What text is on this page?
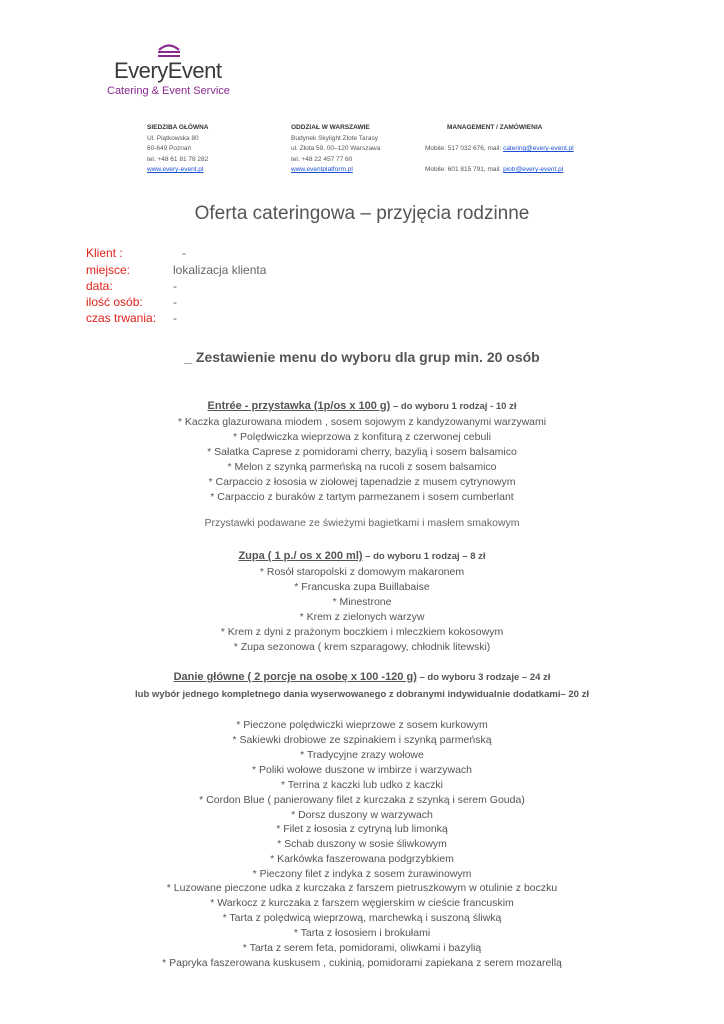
EveryEvent
Catering & Event Service
SIEDZIBA GŁÓWNA
Ul. Piątkowska 80
60-649 Poznań
tel. +48 61 81 78 282
www.every-event.pl
ODDZIAŁ W WARSZAWIE
Budynek Skylight Złote Tarasy
ul. Złota 59, 00–120 Warszawa
tel. +48 22 457 77 60
www.eventplatform.pl
MANAGEMENT / ZAMÓWIENIA
Mobile: 517 032 676, mail: catering@every-event.pl
Mobile: 601 815 791, mail: piotr@every-event.pl
Oferta cateringowa – przyjęcia rodzinne
Klient :	-
miejsce:	lokalizacja klienta
data:	-
ilość osób:	-
czas trwania: -
_ Zestawienie menu do wyboru dla grup min. 20 osób
Entrée - przystawka (1p/os x 100 g) – do wyboru 1 rodzaj - 10 zł
* Kaczka glazurowana miodem , sosem sojowym z kandyzowanymi warzywami
* Polędwiczka wieprzowa z konfiturą z czerwonej cebuli
* Sałatka Caprese z pomidorami cherry, bazylią i sosem balsamico
* Melon z szynką parmeńską na rucoli z sosem balsamico
* Carpaccio z łososia w ziołowej tapenadzie z musem cytrynowym
* Carpaccio z buraków z tartym parmezanem i sosem cumberlant
Przystawki podawane ze świeżymi bagietkami i masłem smakowym
Zupa ( 1 p./ os x 200 ml) – do wyboru 1 rodzaj – 8 zł
* Rosół staropolski z domowym makaronem
* Francuska zupa Buillabaise
* Minestrone
* Krem z zielonych warzyw
* Krem z dyni z prażonym boczkiem i mleczkiem kokosowym
* Zupa sezonowa ( krem szparagowy, chłodnik litewski)
Danie główne ( 2 porcje na osobę x 100 -120 g) – do wyboru 3 rodzaje – 24 zł
lub wybór jednego kompletnego dania wyserwowanego z dobranymi indywidualnie dodatkami– 20 zł
* Pieczone polędwiczki wieprzowe z sosem kurkowym
* Sakiewki drobiowe ze szpinakiem i szynką parmeńską
* Tradycyjne zrazy wołowe
* Poliki wołowe duszone w imbirze i warzywach
* Terrina z kaczki lub udko z kaczki
* Cordon Blue ( panierowany filet z kurczaka z szynką i serem Gouda)
* Dorsz duszony w warzywach
* Filet z łososia z cytryną lub limonką
* Schab duszony w sosie śliwkowym
* Karkówka faszerowana podgrzybkiem
* Pieczony filet z indyka z sosem żurawinowym
* Luzowane pieczone udka z kurczaka z farszem pietruszkowym w otulinie z boczku
* Warkocz z kurczaka z farszem węgierskim w cieście francuskim
* Tarta z polędwicą wieprzową, marchewką i suszoną śliwką
* Tarta z łososiem i brokułami
* Tarta z serem feta, pomidorami, oliwkami i bazylią
* Papryka faszerowana kuskusem , cukinią, pomidorami zapiekana z serem mozarellą
